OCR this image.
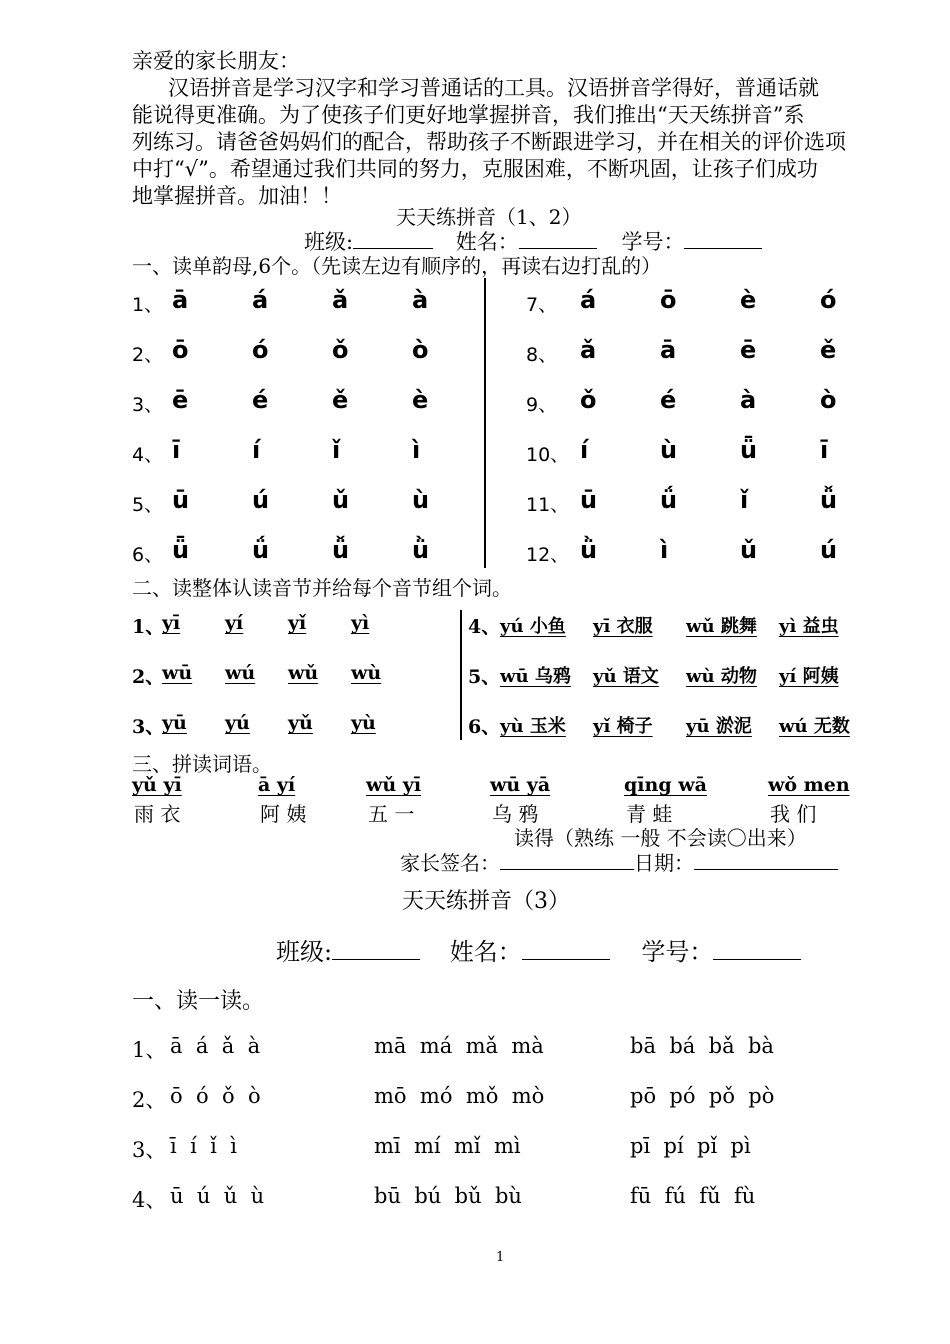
亲爱的家长朋友：

汉语拼音是学习汉字和学习普通话的工具。汉语拼音学得好，普通话就

能说得更准确。为了使孩子们更好地掌握拼音，我们推出“天天练拼音”系

列练习。请爸爸妈妈们的配合，帮助孩子不断跟进学习，并在相关的评价选项

中打“√”。希望通过我们共同的努力，克服困难，不断巩固，让孩子们成功

地掌握拼音。加油！！

天天练拼音（1、2）
班级:	姓名：	学号：
一、读单韵母,6个。（先读左边有顺序的，再读右边打乱的）
1、 ā	á	ǎ	à
2、 ō	ó	ǒ	ò
3、 ē	é	ě	è
4、 ī	í	ǐ	ì
5、 ū	ú	ǔ	ù
6、 ǖ	ǘ	ǚ	ǜ
7、 á	ō	è	ó
8、 ǎ	ā	ē	ě
9、 ǒ	é	à	ò
10、 í	ù	ǖ	ī
11、 ū	ǘ	ǐ	ǚ
12、 ǜ	ì	ǔ	ú
二、读整体认读音节并给每个音节组个词。
1、
yī yí yǐ yì
2、
wū wú wǔ wù
3、
yū yú yǔ yù
4、 yú 小鱼 yī 衣服 wǔ 跳舞 yì 益虫
5、 wū 乌鸦 yǔ 语文 wù 动物 yí 阿姨
6、 yù 玉米 yǐ 椅子 yū 淤泥 wú 无数
三、拼读词语。
yǔ yī
雨 衣
ā yí
阿 姨
wǔ yī
五 一
wū yā
乌 鸦
qīng wā
青 蛙
wǒ men
我 们
读得（熟练 一般 不会读〇出来）
家长签名：	日期：
天天练拼音（3）
班级:	姓名：	学号：
一、读一读。
1、 ā  á  ǎ  à	mā  má  mǎ  mà	bā  bá  bǎ  bà
2、 ō  ó  ǒ  ò	mō  mó  mǒ  mò	pō  pó  pǒ  pò
3、 ī  í  ǐ  ì	mī  mí  mǐ  mì	pī  pí  pǐ  pì
4、 ū  ú  ǔ  ù	bū  bú  bǔ  bù	fū  fú  fǔ  fù
1
